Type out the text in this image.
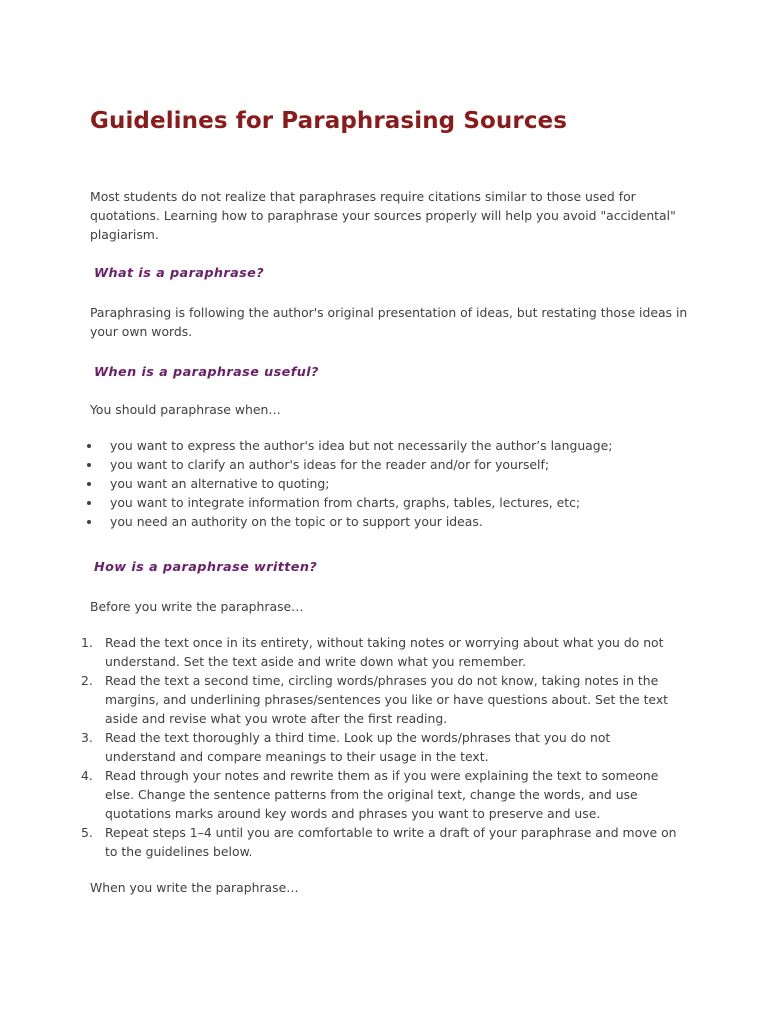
Guidelines for Paraphrasing Sources

Most students do not realize that paraphrases require citations similar to those used for quotations. Learning how to paraphrase your sources properly will help you avoid "accidental" plagiarism.

What is a paraphrase?

Paraphrasing is following the author's original presentation of ideas, but restating those ideas in your own words.

When is a paraphrase useful?

You should paraphrase when…

you want to express the author's idea but not necessarily the author’s language;
you want to clarify an author's ideas for the reader and/or for yourself;
you want an alternative to quoting;
you want to integrate information from charts, graphs, tables, lectures, etc;
you need an authority on the topic or to support your ideas.
How is a paraphrase written?

Before you write the paraphrase…

1. Read the text once in its entirety, without taking notes or worrying about what you do not understand. Set the text aside and write down what you remember.
2. Read the text a second time, circling words/phrases you do not know, taking notes in the margins, and underlining phrases/sentences you like or have questions about. Set the text aside and revise what you wrote after the first reading.
3. Read the text thoroughly a third time. Look up the words/phrases that you do not understand and compare meanings to their usage in the text.
4. Read through your notes and rewrite them as if you were explaining the text to someone else. Change the sentence patterns from the original text, change the words, and use quotations marks around key words and phrases you want to preserve and use.
5. Repeat steps 1–4 until you are comfortable to write a draft of your paraphrase and move on to the guidelines below.

When you write the paraphrase…
